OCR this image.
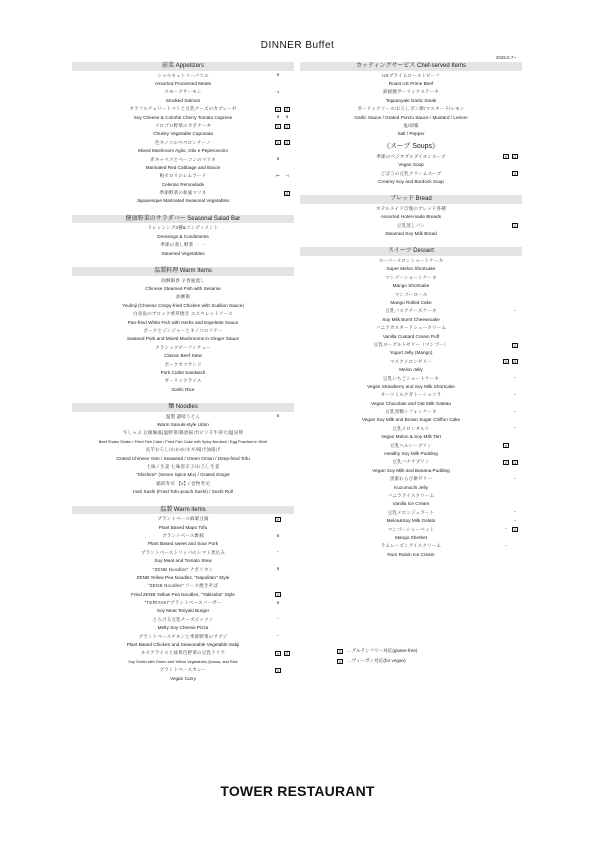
DINNER Buffet
2025.5.7~
前菜 Appetizers
シャルキュトリーパリエ	↯
Assorted Processed Meats
スモークサーモン	↘
Smoked Salmon
カラフルチェリートマトと豆乳チーズのカプレーゼ	V	G
Soy Cheese & Colorful Cherry Tomato Caprese	↯	↯
ゴロゴロ野菜のカポナータ	V	G
Chunky Vegetable Caponata
色キノコのペペロンチーノ	V	G
Mixed Mushroom Aglio, Olio e Peperoncino
赤キャベツとベーコンのマリネ	↯
Marinated Red Cabbage and Bacon
根セロリのレムラード	⊢	⊣
Celeriac Remoulade
季節野菜の和風マリネ	G
Japanesque Marinated Seasonal Vegetables
健康野菜のサラダバー Seasonal Salad Bar
ドレッシング3種&コンディメント
Dressings & Condiments
季節の蒸し野菜 ⋯ ⋯
Steamed Vegetables
温製料理 Warm Items
油淋鶏香 辛香風流し
Chinese Steamed Fish with Sesame
油淋鶏
Youlinji (Chinese Crispy-fried Chicken with Scallion Sauce)
白身魚のブロック香草焼き エスペレットソース
Pan-fried White Fish with Herbs and Espelette Sauce
ポークとジンジャーとキノコのソテー
Sauteed Pork and Mixed Mushrooms in Ginger Sauce
クラシックビーフシチュー
Classic Beef Stew
ポークカツサンド
Pork Cutlet Sandwich
ガーリックライス
Garlic Rice
麺 Noodles
温製 讃岐うどん	↯
Warm Sanuki-style Udon
牛しゃぶ 豆腐麺風(温野菜/鶏唐揚げ/ピリ辛牛蒡天/温泉卵
Beef Shabu Shabu / Fried Fish Cake / Fried Fish Cake with Spicy Burdock / Egg Poached in Shell
長芋おろし/わかめ/ネギ/揚げ油揚げ
Grated Chinese Yam / Seaweed / Green Onion / Deep-fried Tofu
七味 / 生姜 七味唐辛子/おろし生姜
"Shichimi" (Seven Spice Mix) / Grated Ginger
稲荷寿司 【v】/ 巻物寿司
Inari Sushi (Fried Tofu-pouch Sushi) / Sushi Roll
温製 Warm items
プラントベース麻婆豆腐	V
Plant Based Mapo Tofu
プラントベース酢豚	↯
Plant Based sweet and Sour Pork
プラントベーストリッパのトマト煮込み	~
Soy Meat and Tomato Stew
"ZENB Noodles" ナポリタン	↯
ZENB Yellow Pea Noodles, "Napolitan" Style
"ZENB Noodles" ソース焼きそば
Fried ZENB Yellow Pea Noodles, "Yakisoba" Style	V
"TERIYAKI"プラントベースバーガー	↯
Soy Meat Teriyaki Burger
とろける豆乳チーズピッツァ	~
Melty Soy Cheese Pizza
プラントベースチキンと季節野菜のサブジ	~
Plant Based Chicken and Seasonable Vegetable Sabji
キヌアライスと緑黄色野菜の豆乳ドリア	V	G
Soy Gratin with Green and Yellow Vegetables,Quinoa, and Rice
プラントベースカレー	V
Vegan Curry
カッティングサービス Chef-served Items
USプライムローストビーフ
Roast US Prime Beef
鉄板焼ガーリックステーキ
Teppanyaki Garlic Steak
ガーリックソース/おろしポン酢/マスタード/レモン
Garlic Sauce / Grated Ponzu Sauce / Mustard / Lemon
塩/胡椒
Salt / Pepper
《スープ Soups》
季節のベジタブルブイヨンスープ	V	G
Vegan Soup
ごぼうの豆乳クリームスープ	V
Creamy Soy and Burdock Soup
ブレッド Bread
ホテルメイド自慢のブレッド各種
Assorted Hotel-made Breads
豆乳蒸しパン	V
Steamed Soy Milk Bread
スイーツ Dessert
スーパーメロンショートケーキ
Super Melon Shortcake
マンゴーショートケーキ
Mango Shortcake
マンゴーロール
Mango Rolled Cake
豆乳バスクチーズケーキ	~
Soy Milk Burnt Cheesecake
バニラカスタードシュークリーム
Vanilla Custard Cream Puff
豆乳ヨーグルトゼリー（マンゴー）	V
Yogurt Jelly (Mango)
マスクメロンゼリー	V	G
Melon Jelly
豆乳いちごショートケーキ	~
Vegan Strawberry and Soy Milk Shortcake
オーツミルクガトーショコラ	~
Vegan Chocolate and Oat Milk Gateau
豆乳黒糖シフォンケーキ	~
Vegan Soy Milk and Brown Sugar Chiffon Cake
豆乳メロンタルト	~
Vegan Melon & Soy Milk Tart
豆乳ヘルシープリン	V
Healthy Soy Milk Pudding
豆乳バナナプリン	V	G
Vegan Soy Milk and Banana Pudding
黒蜜わらび餅ゼリー	~
Kuzumochi Jelly
バニラアイスクリーム
Vanilla Ice Cream
豆乳メロンジェラート	~
Melon&Soy Milk Gelato	~
マンゴーシャーベット	~	V
Mango Sherbet
ラムレーズンアイスクリーム	~
Rum Raisin Ice Cream
G …グルテンフリー対応(gluten-free)
V …ヴィーガン対応(for vegan)
TOWER RESTAURANT
